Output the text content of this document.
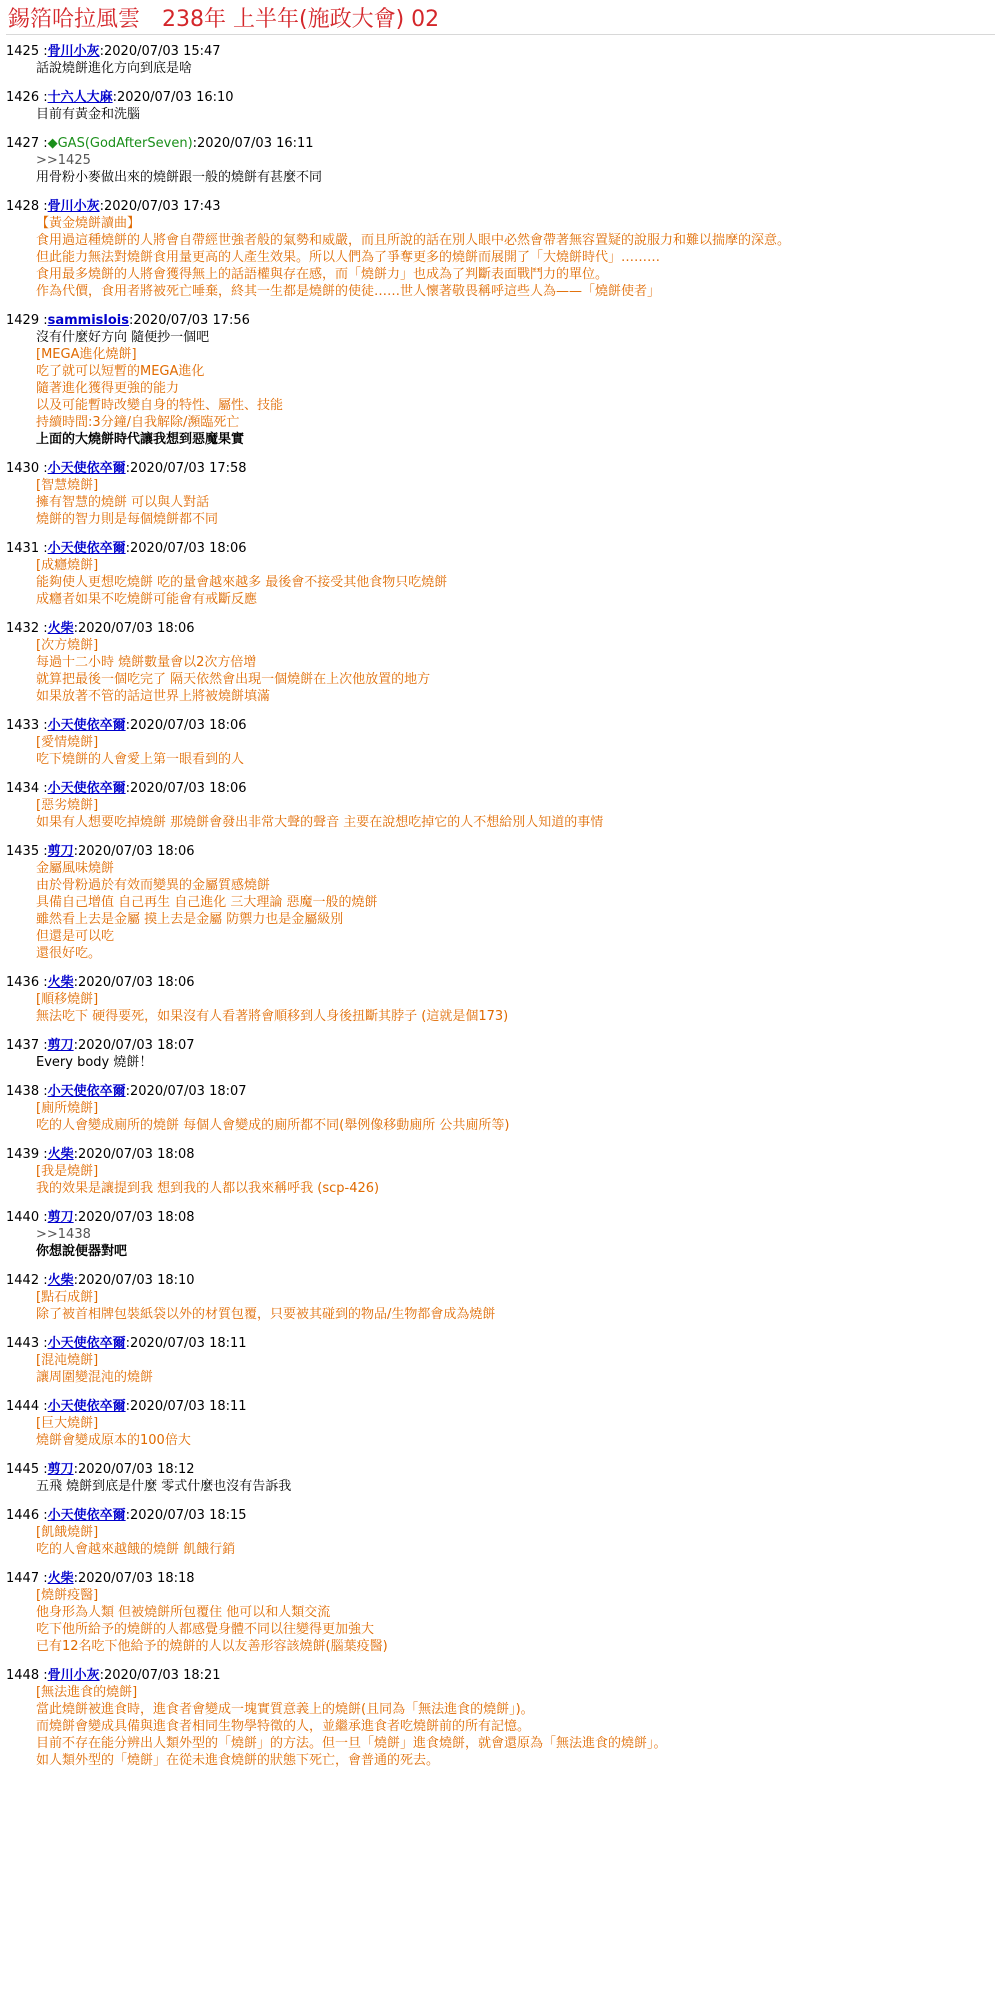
錫箔哈拉風雲　238年 上半年(施政大會) 02
1425 :骨川小灰:2020/07/03 15:47
話說燒餅進化方向到底是啥
1426 :十六人大麻:2020/07/03 16:10
目前有黃金和洗腦
1427 :◆GAS(GodAfterSeven):2020/07/03 16:11
>>1425
用骨粉小麥做出來的燒餅跟一般的燒餅有甚麼不同
1428 :骨川小灰:2020/07/03 17:43
【黃金燒餅讀曲】
食用過這種燒餅的人將會自帶經世強者般的氣勢和威嚴，而且所說的話在別人眼中必然會帶著無容置疑的說服力和難以揣摩的深意。
但此能力無法對燒餅食用量更高的人產生效果。所以人們為了爭奪更多的燒餅而展開了「大燒餅時代」………
食用最多燒餅的人將會獲得無上的話語權與存在感，而「燒餅力」也成為了判斷表面戰鬥力的單位。
作為代價，食用者將被死亡唾棄，終其一生都是燒餅的使徒……世人懷著敬畏稱呼這些人為——「燒餅使者」
1429 :sammislois:2020/07/03 17:56
沒有什麼好方向 隨便抄一個吧
[MEGA進化燒餅]
吃了就可以短暫的MEGA進化
隨著進化獲得更強的能力
以及可能暫時改變自身的特性、屬性、技能
持續時間:3分鐘/自我解除/瀕臨死亡
上面的大燒餅時代讓我想到惡魔果實
1430 :小天使依卒爾:2020/07/03 17:58
[智慧燒餅]
擁有智慧的燒餅 可以與人對話
燒餅的智力則是每個燒餅都不同
1431 :小天使依卒爾:2020/07/03 18:06
[成癮燒餅]
能夠使人更想吃燒餅 吃的量會越來越多 最後會不接受其他食物只吃燒餅
成癮者如果不吃燒餅可能會有戒斷反應
1432 :火柴:2020/07/03 18:06
[次方燒餅]
每過十二小時 燒餅數量會以2次方倍增
就算把最後一個吃完了 隔天依然會出現一個燒餅在上次他放置的地方
如果放著不管的話這世界上將被燒餅填滿
1433 :小天使依卒爾:2020/07/03 18:06
[愛情燒餅]
吃下燒餅的人會愛上第一眼看到的人
1434 :小天使依卒爾:2020/07/03 18:06
[惡劣燒餅]
如果有人想要吃掉燒餅 那燒餅會發出非常大聲的聲音 主要在說想吃掉它的人不想給別人知道的事情
1435 :剪刀:2020/07/03 18:06
金屬風味燒餅
由於骨粉過於有效而變異的金屬質感燒餅
具備自己增值 自己再生 自己進化 三大理論 惡魔一般的燒餅
雖然看上去是金屬 摸上去是金屬 防禦力也是金屬級別
但還是可以吃
還很好吃。
1436 :火柴:2020/07/03 18:06
[順移燒餅]
無法吃下 硬得要死，如果沒有人看著將會順移到人身後扭斷其脖子 (這就是個173)
1437 :剪刀:2020/07/03 18:07
Every body 燒餅！
1438 :小天使依卒爾:2020/07/03 18:07
[廁所燒餅]
吃的人會變成廁所的燒餅 每個人會變成的廁所都不同(舉例像移動廁所 公共廁所等)
1439 :火柴:2020/07/03 18:08
[我是燒餅]
我的效果是讓提到我 想到我的人都以我來稱呼我 (scp-426)
1440 :剪刀:2020/07/03 18:08
>>1438
你想說便器對吧
1442 :火柴:2020/07/03 18:10
[點石成餅]
除了被首相牌包裝紙袋以外的材質包覆，只要被其碰到的物品/生物都會成為燒餅
1443 :小天使依卒爾:2020/07/03 18:11
[混沌燒餅]
讓周圍變混沌的燒餅
1444 :小天使依卒爾:2020/07/03 18:11
[巨大燒餅]
燒餅會變成原本的100倍大
1445 :剪刀:2020/07/03 18:12
五飛 燒餅到底是什麼 零式什麼也沒有告訴我
1446 :小天使依卒爾:2020/07/03 18:15
[飢餓燒餅]
吃的人會越來越餓的燒餅 飢餓行銷
1447 :火柴:2020/07/03 18:18
[燒餅疫醫]
他身形為人類 但被燒餅所包覆住 他可以和人類交流
吃下他所給予的燒餅的人都感覺身體不同以往變得更加強大
已有12名吃下他給予的燒餅的人以友善形容該燒餅(腦葉疫醫)
1448 :骨川小灰:2020/07/03 18:21
[無法進食的燒餅]
當此燒餅被進食時，進食者會變成一塊實質意義上的燒餅(且同為「無法進食的燒餅」)。
而燒餅會變成具備與進食者相同生物學特徵的人，並繼承進食者吃燒餅前的所有記憶。
目前不存在能分辨出人類外型的「燒餅」的方法。但一旦「燒餅」進食燒餅，就會還原為「無法進食的燒餅」。
如人類外型的「燒餅」在從未進食燒餅的狀態下死亡，會普通的死去。
